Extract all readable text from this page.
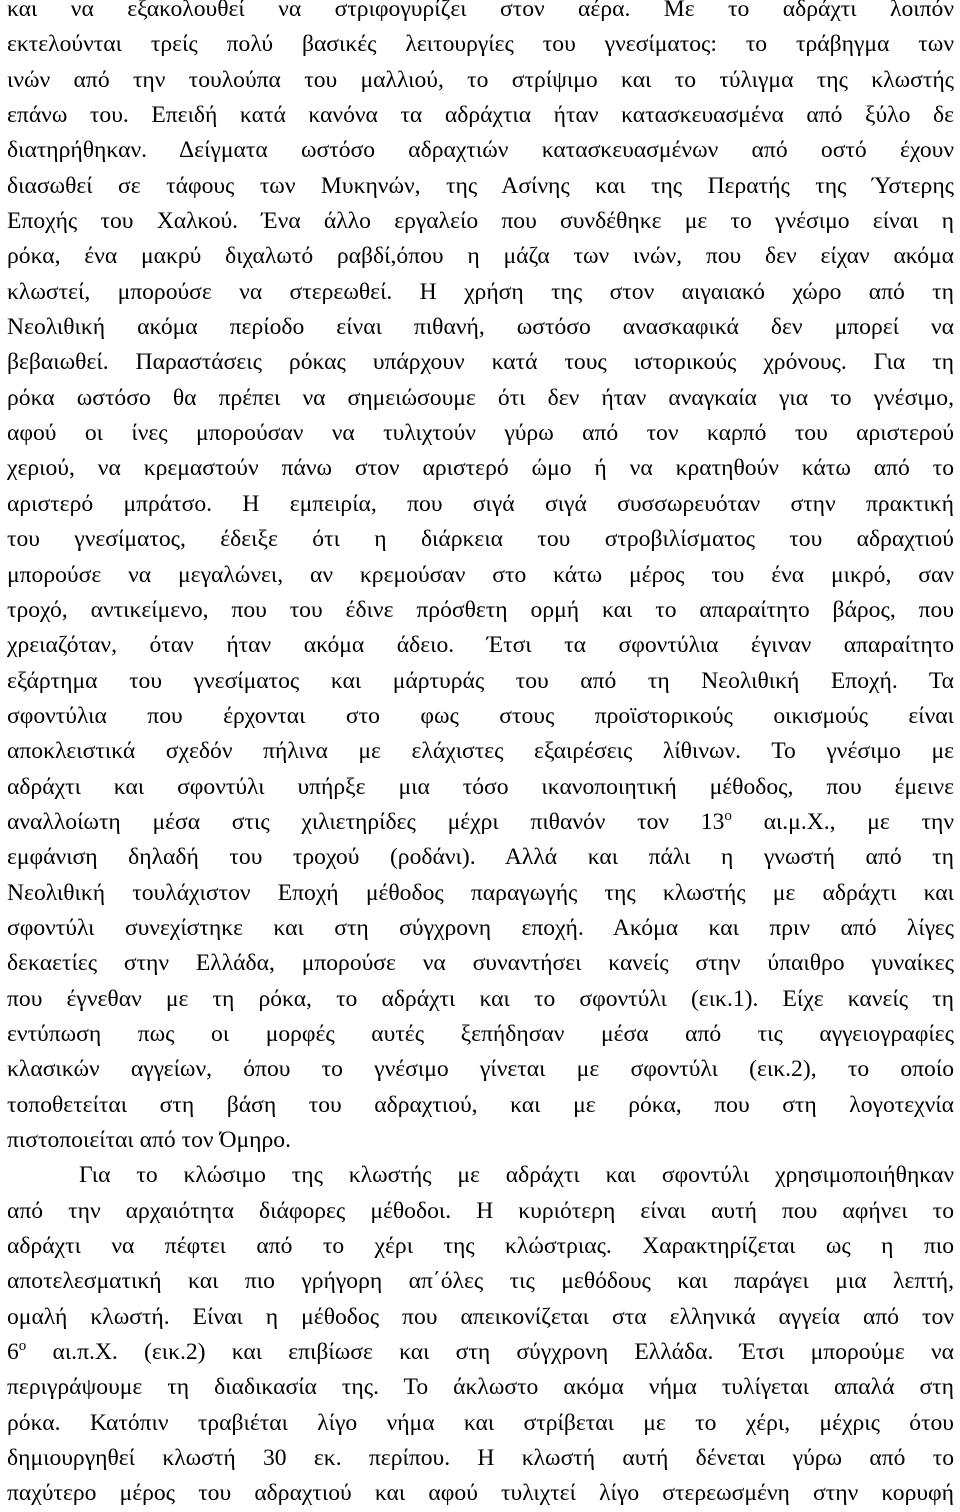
και να εξακολουθεί να στριφογυρίζει στον αέρα. Με το αδράχτι λοιπόν
εκτελούνται τρείς πολύ βασικές λειτουργίες του γνεσίματος: το τράβηγμα των
ινών από την τουλούπα του μαλλιού, το στρίψιμο και το τύλιγμα της κλωστής
επάνω του. Επειδή κατά κανόνα τα αδράχτια ήταν κατασκευασμένα από ξύλο δε
διατηρήθηκαν. Δείγματα ωστόσο αδραχτιών κατασκευασμένων από οστό έχουν
διασωθεί σε τάφους των Μυκηνών, της Ασίνης και της Περατής της Ύστερης
Εποχής του Χαλκού. Ένα άλλο εργαλείο που συνδέθηκε με το γνέσιμο είναι η
ρόκα, ένα μακρύ διχαλωτό ραβδί,όπου η μάζα των ινών, που δεν είχαν ακόμα
κλωστεί, μπορούσε να στερεωθεί. Η χρήση της στον αιγαιακό χώρο από τη
Νεολιθική ακόμα περίοδο είναι πιθανή, ωστόσο ανασκαφικά δεν μπορεί να
βεβαιωθεί. Παραστάσεις ρόκας υπάρχουν κατά τους ιστορικούς χρόνους. Για τη
ρόκα ωστόσο θα πρέπει να σημειώσουμε ότι δεν ήταν αναγκαία για το γνέσιμο,
αφού οι ίνες μπορούσαν να τυλιχτούν γύρω από τον καρπό του αριστερού
χεριού, να κρεμαστούν πάνω στον αριστερό ώμο ή να κρατηθούν κάτω από το
αριστερό μπράτσο. Η εμπειρία, που σιγά σιγά συσσωρευόταν στην πρακτική
του γνεσίματος, έδειξε ότι η διάρκεια του στροβιλίσματος του αδραχτιού
μπορούσε να μεγαλώνει, αν κρεμούσαν στο κάτω μέρος του ένα μικρό, σαν
τροχό, αντικείμενο, που του έδινε πρόσθετη ορμή και το απαραίτητο βάρος, που
χρειαζόταν, όταν ήταν ακόμα άδειο. Έτσι τα σφοντύλια έγιναν απαραίτητο
εξάρτημα του γνεσίματος και μάρτυράς του από τη Νεολιθική Εποχή. Τα
σφοντύλια που έρχονται στο φως στους προϊστορικούς οικισμούς είναι
αποκλειστικά σχεδόν πήλινα με ελάχιστες εξαιρέσεις λίθινων. Το γνέσιμο με
αδράχτι και σφοντύλι υπήρξε μια τόσο ικανοποιητική μέθοδος, που έμεινε
αναλλοίωτη μέσα στις χιλιετηρίδες μέχρι πιθανόν τον $13^o$ αι.μ.Χ., με την
εμφάνιση δηλαδή του τροχού (ροδάνι). Αλλά και πάλι η γνωστή από τη
Νεολιθική τουλάχιστον Εποχή μέθοδος παραγωγής της κλωστής με αδράχτι και
σφοντύλι συνεχίστηκε και στη σύγχρονη εποχή. Ακόμα και πριν από λίγες
δεκαετίες στην Ελλάδα, μπορούσε να συναντήσει κανείς στην ύπαιθρο γυναίκες
που έγνεθαν με τη ρόκα, το αδράχτι και το σφοντύλι (εικ.1). Είχε κανείς τη
εντύπωση πως οι μορφές αυτές ξεπήδησαν μέσα από τις αγγειογραφίες
κλασικών αγγείων, όπου το γνέσιμο γίνεται με σφοντύλι (εικ.2), το οποίο
τοποθετείται στη βάση του αδραχτιού, και με ρόκα, που στη λογοτεχνία
πιστοποιείται από τον Όμηρο.

Για το κλώσιμο της κλωστής με αδράχτι και σφοντύλι χρησιμοποιήθηκαν
από την αρχαιότητα διάφορες μέθοδοι. Η κυριότερη είναι αυτή που αφήνει το
αδράχτι να πέφτει από το χέρι της κλώστριας. Χαρακτηρίζεται ως η πιο
αποτελεσματική και πιο γρήγορη απ΄όλες τις μεθόδους και παράγει μια λεπτή,
ομαλή κλωστή. Είναι η μέθοδος που απεικονίζεται στα ελληνικά αγγεία από τον
$6^o$ αι.π.Χ. (εικ.2) και επιβίωσε και στη σύγχρονη Ελλάδα. Έτσι μπορούμε να
περιγράψουμε τη διαδικασία της. Το άκλωστο ακόμα νήμα τυλίγεται απαλά στη
ρόκα. Κατόπιν τραβιέται λίγο νήμα και στρίβεται με το χέρι, μέχρις ότου
δημιουργηθεί κλωστή 30 εκ. περίπου. Η κλωστή αυτή δένεται γύρω από το
παχύτερο μέρος του αδραχτιού και αφού τυλιχτεί λίγο στερεωσμένη στην κορυφή
